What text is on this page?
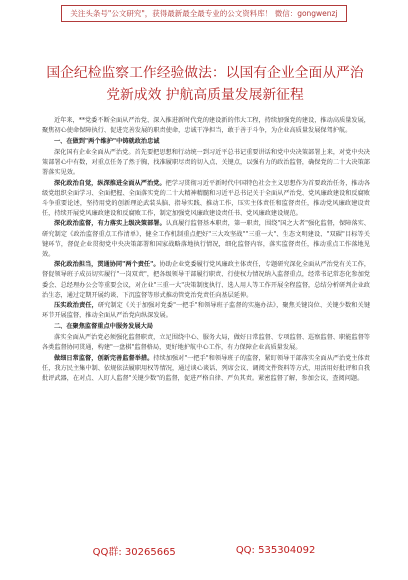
关注头条号"公文研究"，获得最新最全最专业的公文资料库！ 微信：gongwenzj
国企纪检监察工作经验做法：以国有企业全面从严治党新成效 护航高质量发展新征程

近年来，**党委不断全面从严治党、深入推进新时代党的建设新的伟大工程，持续加强党的建设，推动高质量发展，聚焦初心使命保障执行、促进完善发展的职责使命，忠诚干净担当，敢于善于斗争，为企业高质量发展保驾护航。

一、在做到"两个维护"中铸就政治忠诚

深化国有企业全面从严治党。首先要把思想和行动统一到习近平总书记重要讲话和党中央决策部署上来，对党中央决策部署心中有数，对重点任务了然于胸，找准履职尽责的切入点、关键点，以强有力的政治监督，确保党的二十大决策部署落实见效。

深化政治自觉，纵深推进全面从严治党。把学习贯彻习近平新时代中国特色社会主义思想作为首要政治任务，推动各级党组织全面学习、全面把握、全面落实党的二十大精神精髓和习近平总书记关于全面从严治党、党风廉政建设和反腐败斗争重要论述，坚持用党的创新理论武装头脑、指导实践、推动工作，压实主体责任和监督责任，推动党风廉政建设责任，持续开展党风廉政建设和反腐败工作，制定加强党风廉政建设责任书、党风廉政建设规范。

深化政治监督，有力落实上级决策部署。认真履行监督基本职责，第一职责，围绕"国之大者"强化监督，保障落实、研究制定《政治监督重点工作清单》，健全工作机制重点把好"三大攻坚战""三重一大"、生态文明建设、"双碳"目标等关键环节，督促企业贯彻党中央决策部署和国家战略落地执行情况，细化监督内容，落实监督责任，推动重点工作落地见效。

深化政治担当，贯通协同"两个责任"。协助企业党委履行党风廉政主体责任，专题研究深化全面从严治党有关工作，督促领导班子成员切实履行"一岗双责"，把各级领导干部履行职责、行使权力情况纳入监督重点，经常书记常态化参加党委会、总经理办公会等重要会议，对企业"三重一大"决策制度执行、选人用人等工作开展全程监督，总结分析研判企业政治生态，通过定期开展约谈、下沉监督等形式推动管党治党责任向基层延伸。

压实政治责任，研究制定《关于加强对党委"一把手"和领导班子监督的实施办法》，聚焦关键岗位、关键少数和关键环节开展监督，推动全面从严治党向纵深发展。

二、在聚焦监督重点中服务发展大局

落实全面从严治党必须强化监督职责，立足围绕中心、服务大局，做好日常监督、专项监督、巡察监督、职能监督等各类监督协同贯通，构建"一盘棋"监督格局，更好地护航中心工作，有力保障企业高质量发展。

做细日常监督，创新完善监督举措。持续加强对"一把手"和领导班子的监督，紧盯领导干部落实全面从严治党主体责任，我方民主集中制、依规依法履职用权等情况，通过谈心谈话、列席会议、调阅文件资料等方式，用活用好批评和自我批评武器，在对点、人盯人监督"关键少数"的监督，促进严格自律、严负其责。紧密监督了解，参加会议，查阅问题。

QQ群: 30265665	QQ: 535304092
